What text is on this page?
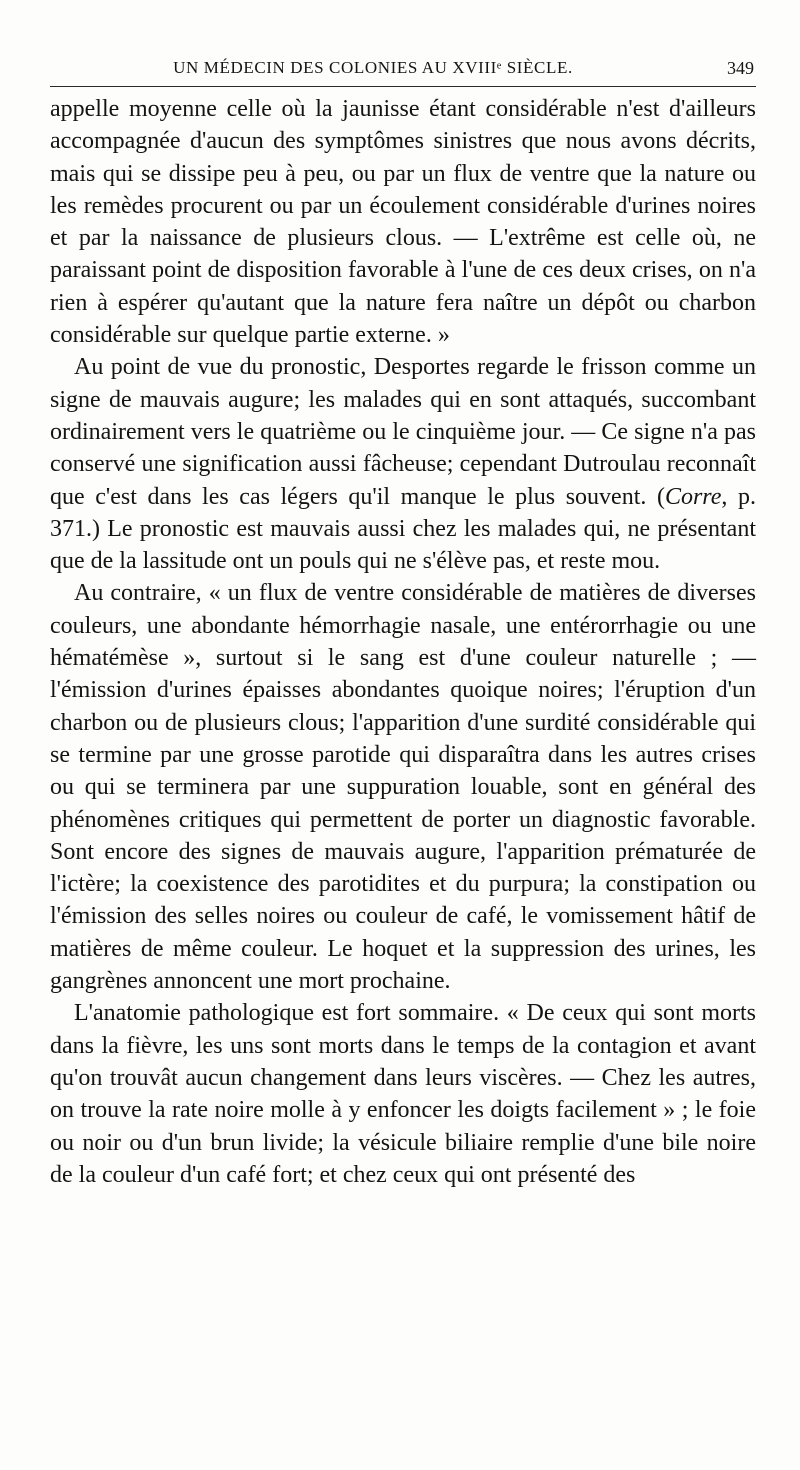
UN MÉDECIN DES COLONIES AU XVIIIᵉ SIÈCLE.	349

appelle moyenne celle où la jaunisse étant considérable n'est d'ailleurs accompagnée d'aucun des symptômes sinistres que nous avons décrits, mais qui se dissipe peu à peu, ou par un flux de ventre que la nature ou les remèdes procurent ou par un écoulement considérable d'urines noires et par la naissance de plusieurs clous. — L'extrême est celle où, ne paraissant point de disposition favorable à l'une de ces deux crises, on n'a rien à espérer qu'autant que la nature fera naître un dépôt ou charbon considérable sur quelque partie externe. »

Au point de vue du pronostic, Desportes regarde le frisson comme un signe de mauvais augure; les malades qui en sont attaqués, succombant ordinairement vers le quatrième ou le cinquième jour. — Ce signe n'a pas conservé une signification aussi fâcheuse; cependant Dutroulau reconnaît que c'est dans les cas légers qu'il manque le plus souvent. (Corre, p. 371.) Le pronostic est mauvais aussi chez les malades qui, ne présentant que de la lassitude ont un pouls qui ne s'élève pas, et reste mou.

Au contraire, « un flux de ventre considérable de matières de diverses couleurs, une abondante hémorrhagie nasale, une entérorrhagie ou une hématémèse », surtout si le sang est d'une couleur naturelle ; — l'émission d'urines épaisses abondantes quoique noires; l'éruption d'un charbon ou de plusieurs clous; l'apparition d'une surdité considérable qui se termine par une grosse parotide qui disparaîtra dans les autres crises ou qui se terminera par une suppuration louable, sont en général des phénomènes critiques qui permettent de porter un diagnostic favorable. Sont encore des signes de mauvais augure, l'apparition prématurée de l'ictère; la coexistence des parotidites et du purpura; la constipation ou l'émission des selles noires ou couleur de café, le vomissement hâtif de matières de même couleur. Le hoquet et la suppression des urines, les gangrènes annoncent une mort prochaine.

L'anatomie pathologique est fort sommaire. « De ceux qui sont morts dans la fièvre, les uns sont morts dans le temps de la contagion et avant qu'on trouvât aucun changement dans leurs viscères. — Chez les autres, on trouve la rate noire molle à y enfoncer les doigts facilement » ; le foie ou noir ou d'un brun livide; la vésicule biliaire remplie d'une bile noire de la couleur d'un café fort; et chez ceux qui ont présenté des
